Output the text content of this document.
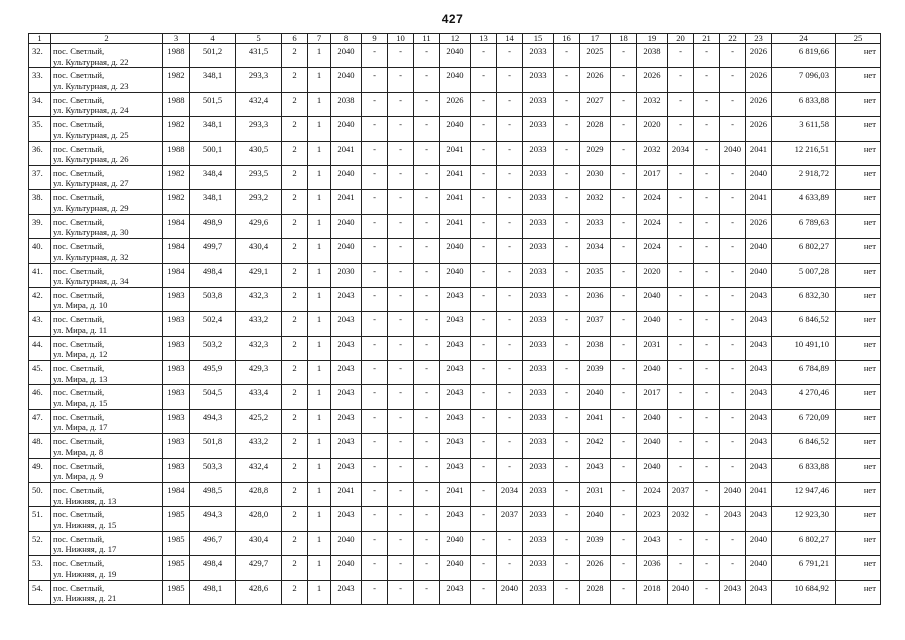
427
1	2	3	4	5	6	7	8	9	10	11	12	13	14	15	16	17	18	19	20	21	22	23	24	25
32.	пос. Светлый,
ул. Культурная, д. 22	1988	501,2	431,5	2	1	2040	-	-	-	2040	-	-	2033	-	2025	-	2038	-	-	-	2026	6 819,66	нет
33.	пос. Светлый,
ул. Культурная, д. 23	1982	348,1	293,3	2	1	2040	-	-	-	2040	-	-	2033	-	2026	-	2026	-	-	-	2026	7 096,03	нет
34.	пос. Светлый,
ул. Культурная, д. 24	1988	501,5	432,4	2	1	2038	-	-	-	2026	-	-	2033	-	2027	-	2032	-	-	-	2026	6 833,88	нет
35.	пос. Светлый,
ул. Культурная, д. 25	1982	348,1	293,3	2	1	2040	-	-	-	2040	-	-	2033	-	2028	-	2020	-	-	-	2026	3 611,58	нет
36.	пос. Светлый,
ул. Культурная, д. 26	1988	500,1	430,5	2	1	2041	-	-	-	2041	-	-	2033	-	2029	-	2032	2034	-	2040	2041	12 216,51	нет
37.	пос. Светлый,
ул. Культурная, д. 27	1982	348,4	293,5	2	1	2040	-	-	-	2041	-	-	2033	-	2030	-	2017	-	-	-	2040	2 918,72	нет
38.	пос. Светлый,
ул. Культурная, д. 29	1982	348,1	293,2	2	1	2041	-	-	-	2041	-	-	2033	-	2032	-	2024	-	-	-	2041	4 633,89	нет
39.	пос. Светлый,
ул. Культурная, д. 30	1984	498,9	429,6	2	1	2040	-	-	-	2041	-	-	2033	-	2033	-	2024	-	-	-	2026	6 789,63	нет
40.	пос. Светлый,
ул. Культурная, д. 32	1984	499,7	430,4	2	1	2040	-	-	-	2040	-	-	2033	-	2034	-	2024	-	-	-	2040	6 802,27	нет
41.	пос. Светлый,
ул. Культурная, д. 34	1984	498,4	429,1	2	1	2030	-	-	-	2040	-	-	2033	-	2035	-	2020	-	-	-	2040	5 007,28	нет
42.	пос. Светлый,
ул. Мира, д. 10	1983	503,8	432,3	2	1	2043	-	-	-	2043	-	-	2033	-	2036	-	2040	-	-	-	2043	6 832,30	нет
43.	пос. Светлый,
ул. Мира, д. 11	1983	502,4	433,2	2	1	2043	-	-	-	2043	-	-	2033	-	2037	-	2040	-	-	-	2043	6 846,52	нет
44.	пос. Светлый,
ул. Мира, д. 12	1983	503,2	432,3	2	1	2043	-	-	-	2043	-	-	2033	-	2038	-	2031	-	-	-	2043	10 491,10	нет
45.	пос. Светлый,
ул. Мира, д. 13	1983	495,9	429,3	2	1	2043	-	-	-	2043	-	-	2033	-	2039	-	2040	-	-	-	2043	6 784,89	нет
46.	пос. Светлый,
ул. Мира, д. 15	1983	504,5	433,4	2	1	2043	-	-	-	2043	-	-	2033	-	2040	-	2017	-	-	-	2043	4 270,46	нет
47.	пос. Светлый,
ул. Мира, д. 17	1983	494,3	425,2	2	1	2043	-	-	-	2043	-	-	2033	-	2041	-	2040	-	-	-	2043	6 720,09	нет
48.	пос. Светлый,
ул. Мира, д. 8	1983	501,8	433,2	2	1	2043	-	-	-	2043	-	-	2033	-	2042	-	2040	-	-	-	2043	6 846,52	нет
49.	пос. Светлый,
ул. Мира, д. 9	1983	503,3	432,4	2	1	2043	-	-	-	2043	-	-	2033	-	2043	-	2040	-	-	-	2043	6 833,88	нет
50.	пос. Светлый,
ул. Нижняя, д. 13	1984	498,5	428,8	2	1	2041	-	-	-	2041	-	2034	2033	-	2031	-	2024	2037	-	2040	2041	12 947,46	нет
51.	пос. Светлый,
ул. Нижняя, д. 15	1985	494,3	428,0	2	1	2043	-	-	-	2043	-	2037	2033	-	2040	-	2023	2032	-	2043	2043	12 923,30	нет
52.	пос. Светлый,
ул. Нижняя, д. 17	1985	496,7	430,4	2	1	2040	-	-	-	2040	-	-	2033	-	2039	-	2043	-	-	-	2040	6 802,27	нет
53.	пос. Светлый,
ул. Нижняя, д. 19	1985	498,4	429,7	2	1	2040	-	-	-	2040	-	-	2033	-	2026	-	2036	-	-	-	2040	6 791,21	нет
54.	пос. Светлый,
ул. Нижняя, д. 21	1985	498,1	428,6	2	1	2043	-	-	-	2043	-	2040	2033	-	2028	-	2018	2040	-	2043	2043	10 684,92	нет
